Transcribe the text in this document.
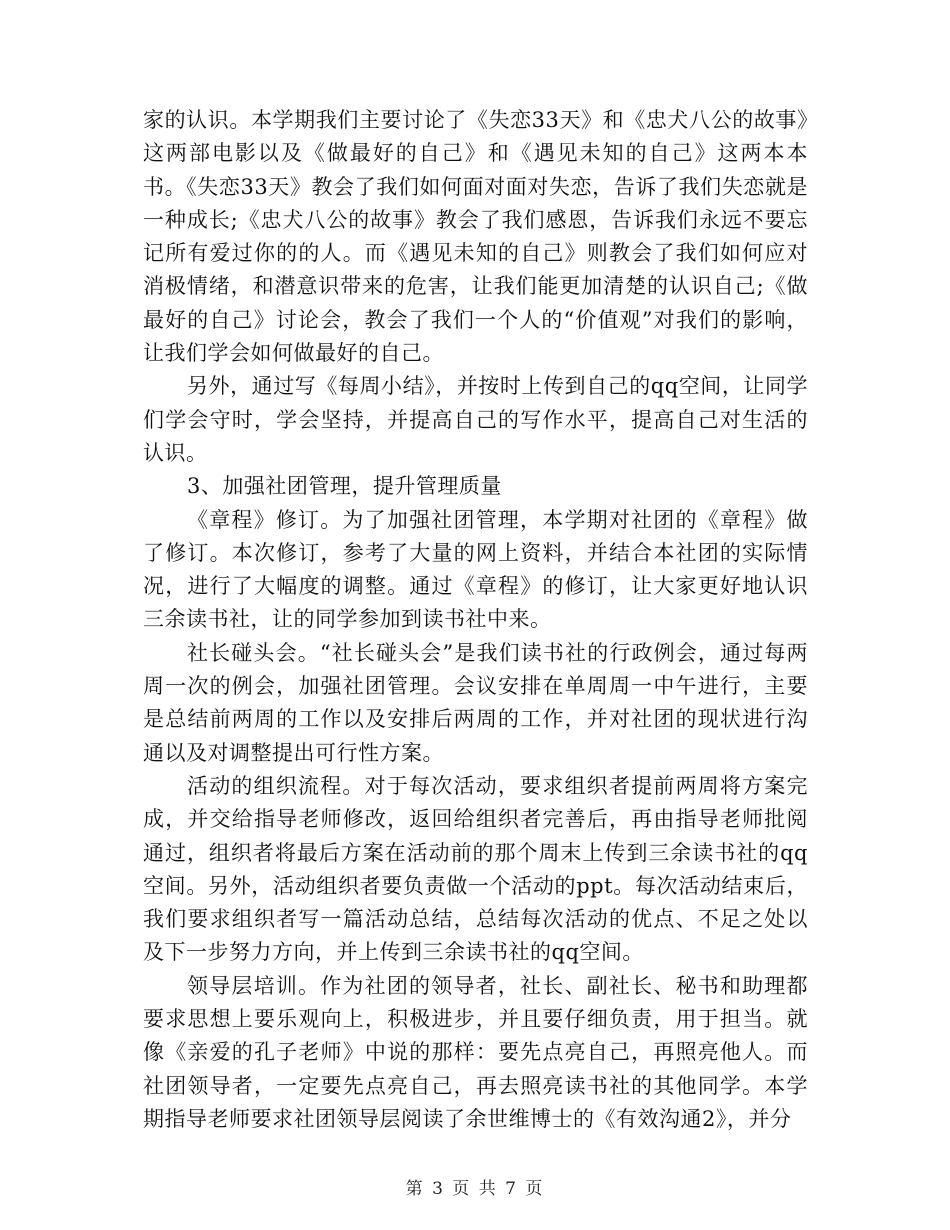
家的认识。本学期我们主要讨论了《失恋33天》和《忠犬八公的故事》这两部电影以及《做最好的自己》和《遇见未知的自己》这两本本书。《失恋33天》教会了我们如何面对面对失恋，告诉了我们失恋就是一种成长;《忠犬八公的故事》教会了我们感恩，告诉我们永远不要忘记所有爱过你的的人。而《遇见未知的自己》则教会了我们如何应对消极情绪，和潜意识带来的危害，让我们能更加清楚的认识自己;《做最好的自己》讨论会，教会了我们一个人的“价值观”对我们的影响，让我们学会如何做最好的自己。

另外，通过写《每周小结》，并按时上传到自己的qq空间，让同学们学会守时，学会坚持，并提高自己的写作水平，提高自己对生活的认识。

3、加强社团管理，提升管理质量

《章程》修订。为了加强社团管理，本学期对社团的《章程》做了修订。本次修订，参考了大量的网上资料，并结合本社团的实际情况，进行了大幅度的调整。通过《章程》的修订，让大家更好地认识三余读书社，让的同学参加到读书社中来。

社长碰头会。“社长碰头会”是我们读书社的行政例会，通过每两周一次的例会，加强社团管理。会议安排在单周周一中午进行，主要是总结前两周的工作以及安排后两周的工作，并对社团的现状进行沟通以及对调整提出可行性方案。

活动的组织流程。对于每次活动，要求组织者提前两周将方案完成，并交给指导老师修改，返回给组织者完善后，再由指导老师批阅通过，组织者将最后方案在活动前的那个周末上传到三余读书社的qq空间。另外，活动组织者要负责做一个活动的ppt。每次活动结束后，我们要求组织者写一篇活动总结，总结每次活动的优点、不足之处以及下一步努力方向，并上传到三余读书社的qq空间。

领导层培训。作为社团的领导者，社长、副社长、秘书和助理都要求思想上要乐观向上，积极进步，并且要仔细负责，用于担当。就像《亲爱的孔子老师》中说的那样：要先点亮自己，再照亮他人。而社团领导者，一定要先点亮自己，再去照亮读书社的其他同学。本学期指导老师要求社团领导层阅读了余世维博士的《有效沟通2》，并分

第 3 页 共 7 页
